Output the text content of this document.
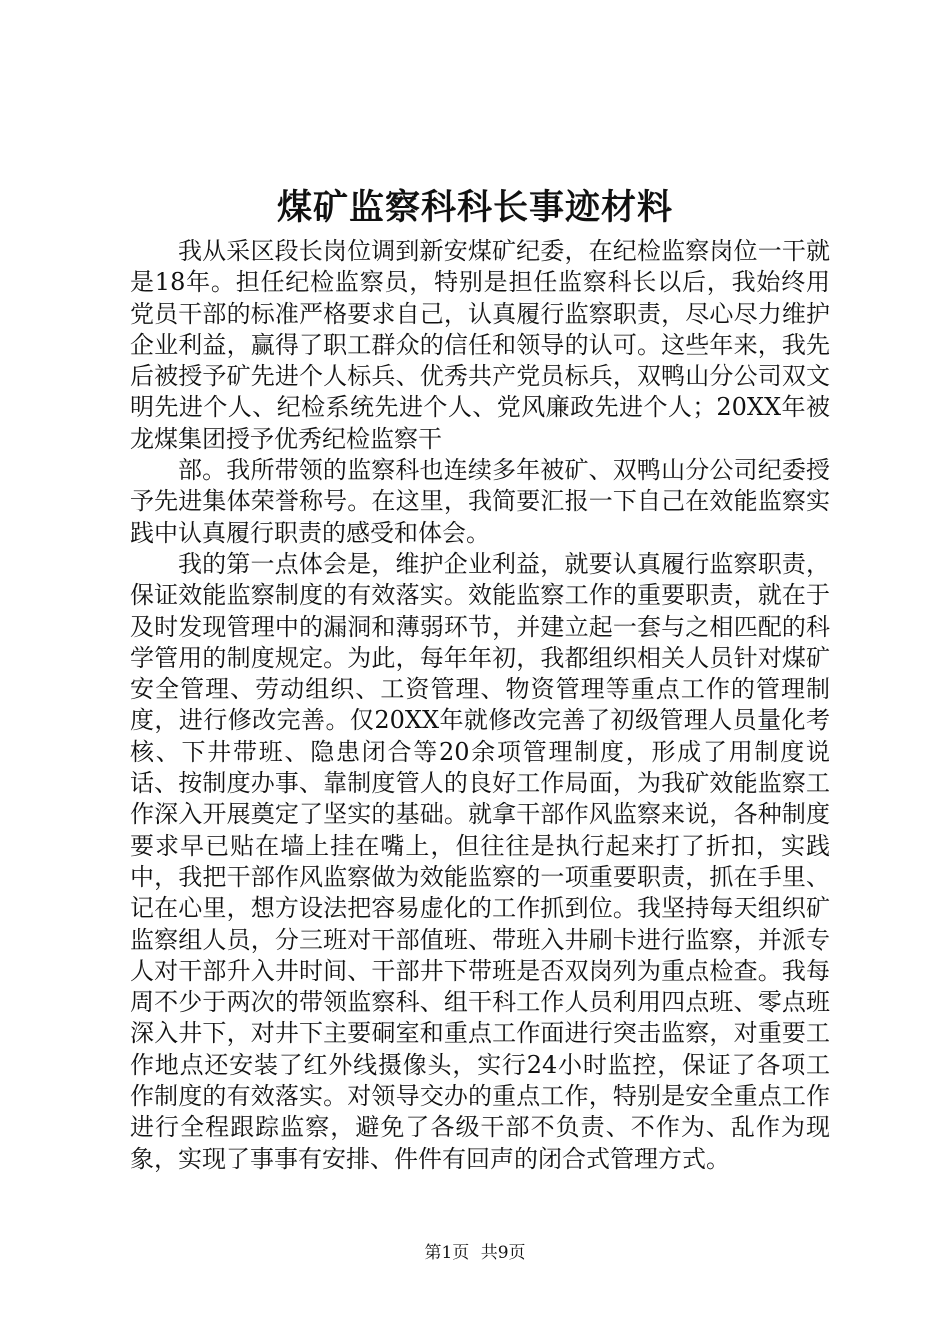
煤矿监察科科长事迹材料

我从采区段长岗位调到新安煤矿纪委，在纪检监察岗位一干就是18年。担任纪检监察员，特别是担任监察科长以后，我始终用党员干部的标准严格要求自己，认真履行监察职责，尽心尽力维护企业利益，赢得了职工群众的信任和领导的认可。这些年来，我先后被授予矿先进个人标兵、优秀共产党员标兵，双鸭山分公司双文明先进个人、纪检系统先进个人、党风廉政先进个人；20XX年被龙煤集团授予优秀纪检监察干

部。我所带领的监察科也连续多年被矿、双鸭山分公司纪委授予先进集体荣誉称号。在这里，我简要汇报一下自己在效能监察实践中认真履行职责的感受和体会。

我的第一点体会是，维护企业利益，就要认真履行监察职责，保证效能监察制度的有效落实。效能监察工作的重要职责，就在于及时发现管理中的漏洞和薄弱环节，并建立起一套与之相匹配的科学管用的制度规定。为此，每年年初，我都组织相关人员针对煤矿安全管理、劳动组织、工资管理、物资管理等重点工作的管理制度，进行修改完善。仅20XX年就修改完善了初级管理人员量化考核、下井带班、隐患闭合等20余项管理制度，形成了用制度说话、按制度办事、靠制度管人的良好工作局面，为我矿效能监察工作深入开展奠定了坚实的基础。就拿干部作风监察来说，各种制度要求早已贴在墙上挂在嘴上，但往往是执行起来打了折扣，实践中，我把干部作风监察做为效能监察的一项重要职责，抓在手里、记在心里，想方设法把容易虚化的工作抓到位。我坚持每天组织矿监察组人员，分三班对干部值班、带班入井刷卡进行监察，并派专人对干部升入井时间、干部井下带班是否双岗列为重点检查。我每周不少于两次的带领监察科、组干科工作人员利用四点班、零点班深入井下，对井下主要硐室和重点工作面进行突击监察，对重要工作地点还安装了红外线摄像头，实行24小时监控，保证了各项工作制度的有效落实。对领导交办的重点工作，特别是安全重点工作进行全程跟踪监察，避免了各级干部不负责、不作为、乱作为现象，实现了事事有安排、件件有回声的闭合式管理方式。

第1页 共9页
